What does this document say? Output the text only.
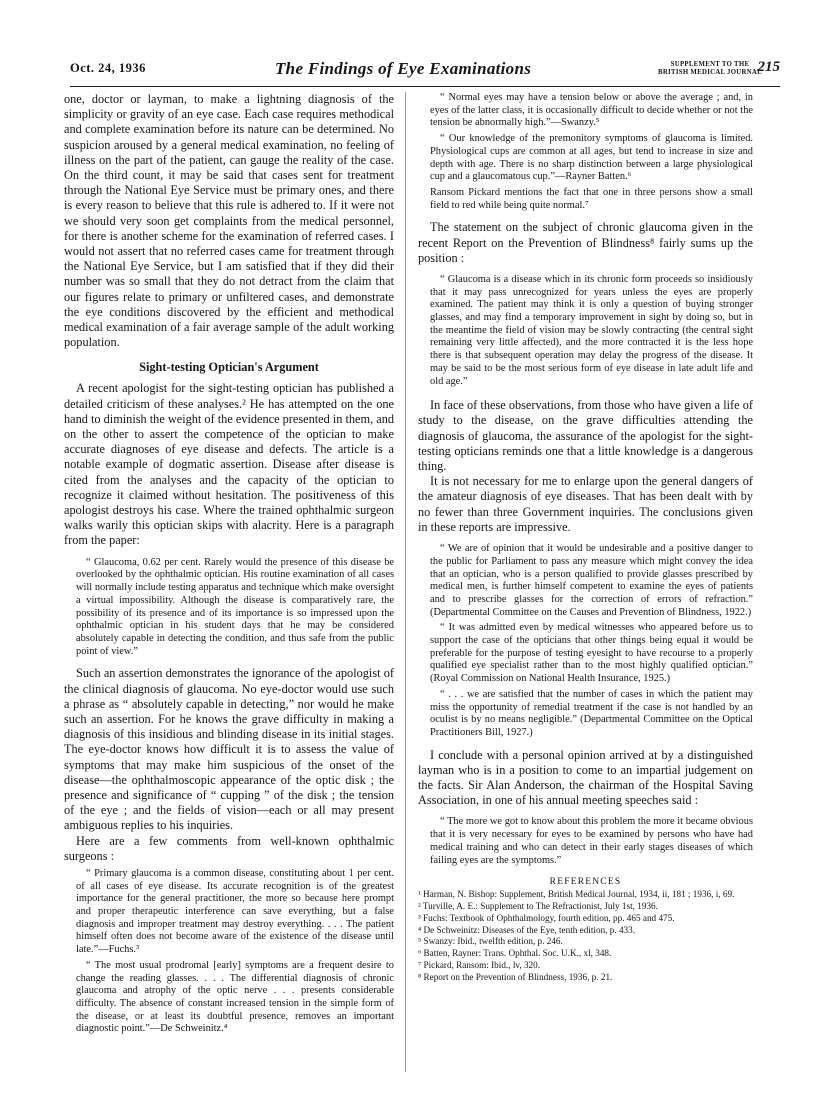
Oct. 24, 1936	The Findings of Eye Examinations	SUPPLEMENT TO THE
BRITISH MEDICAL JOURNAL
215

one, doctor or layman, to make a lightning diagnosis of the simplicity or gravity of an eye case. Each case requires methodical and complete examination before its nature can be determined. No suspicion aroused by a general medical examination, no feeling of illness on the part of the patient, can gauge the reality of the case. On the third count, it may be said that cases sent for treatment through the National Eye Service must be primary ones, and there is every reason to believe that this rule is adhered to. If it were not we should very soon get complaints from the medical personnel, for there is another scheme for the examination of referred cases. I would not assert that no referred cases came for treatment through the National Eye Service, but I am satisfied that if they did their number was so small that they do not detract from the claim that our figures relate to primary or unfiltered cases, and demonstrate the eye conditions discovered by the efficient and methodical medical examination of a fair average sample of the adult working population.

Sight-testing Optician's Argument

A recent apologist for the sight-testing optician has published a detailed criticism of these analyses.² He has attempted on the one hand to diminish the weight of the evidence presented in them, and on the other to assert the competence of the optician to make accurate diagnoses of eye disease and defects. The article is a notable example of dogmatic assertion. Disease after disease is cited from the analyses and the capacity of the optician to recognize it claimed without hesitation. The positiveness of this apologist destroys his case. Where the trained ophthalmic surgeon walks warily this optician skips with alacrity. Here is a paragraph from the paper:

“ Glaucoma, 0.62 per cent. Rarely would the presence of this disease be overlooked by the ophthalmic optician. His routine examination of all cases will normally include testing apparatus and technique which make oversight a virtual impossibility. Although the disease is comparatively rare, the possibility of its presence and of its importance is so impressed upon the ophthalmic optician in his student days that he may be considered absolutely capable in detecting the condition, and thus safe from the public point of view.”

Such an assertion demonstrates the ignorance of the apologist of the clinical diagnosis of glaucoma. No eye-doctor would use such a phrase as “ absolutely capable in detecting,” nor would he make such an assertion. For he knows the grave difficulty in making a diagnosis of this insidious and blinding disease in its initial stages. The eye-doctor knows how difficult it is to assess the value of symptoms that may make him suspicious of the onset of the disease—the ophthalmoscopic appearance of the optic disk ; the presence and significance of “ cupping ” of the disk ; the tension of the eye ; and the fields of vision—each or all may present ambiguous replies to his inquiries.

Here are a few comments from well-known ophthalmic surgeons :

“ Primary glaucoma is a common disease, constituting about 1 per cent. of all cases of eye disease. Its accurate recognition is of the greatest importance for the general practitioner, the more so because here prompt and proper therapeutic interference can save everything, but a false diagnosis and improper treatment may destroy everything. . . . The patient himself often does not become aware of the existence of the disease until late.”—Fuchs.³

“ The most usual prodromal [early] symptoms are a frequent desire to change the reading glasses. . . . The differential diagnosis of chronic glaucoma and atrophy of the optic nerve . . . presents considerable difficulty. The absence of constant increased tension in the simple form of the disease, or at least its doubtful presence, removes an important diagnostic point.”—De Schweinitz.⁴

“ Normal eyes may have a tension below or above the average ; and, in eyes of the latter class, it is occasionally difficult to decide whether or not the tension be abnormally high.”—Swanzy.⁵

“ Our knowledge of the premonitory symptoms of glaucoma is limited. Physiological cups are common at all ages, but tend to increase in size and depth with age. There is no sharp distinction between a large physiological cup and a glaucomatous cup.”—Rayner Batten.⁶

Ransom Pickard mentions the fact that one in three persons show a small field to red while being quite normal.⁷

The statement on the subject of chronic glaucoma given in the recent Report on the Prevention of Blindness⁸ fairly sums up the position :

“ Glaucoma is a disease which in its chronic form proceeds so insidiously that it may pass unrecognized for years unless the eyes are properly examined. The patient may think it is only a question of buying stronger glasses, and may find a temporary improvement in sight by doing so, but in the meantime the field of vision may be slowly contracting (the central sight remaining very little affected), and the more contracted it is the less hope there is that subsequent operation may delay the progress of the disease. It may be said to be the most serious form of eye disease in late adult life and old age.”

In face of these observations, from those who have given a life of study to the disease, on the grave difficulties attending the diagnosis of glaucoma, the assurance of the apologist for the sight-testing opticians reminds one that a little knowledge is a dangerous thing.

It is not necessary for me to enlarge upon the general dangers of the amateur diagnosis of eye diseases. That has been dealt with by no fewer than three Government inquiries. The conclusions given in these reports are impressive.

“ We are of opinion that it would be undesirable and a positive danger to the public for Parliament to pass any measure which might convey the idea that an optician, who is a person qualified to provide glasses prescribed by medical men, is further himself competent to examine the eyes of patients and to prescribe glasses for the correction of errors of refraction.” (Departmental Committee on the Causes and Prevention of Blindness, 1922.)

“ It was admitted even by medical witnesses who appeared before us to support the case of the opticians that other things being equal it would be preferable for the purpose of testing eyesight to have recourse to a properly qualified eye specialist rather than to the most highly qualified optician.” (Royal Commission on National Health Insurance, 1925.)

“ . . . we are satisfied that the number of cases in which the patient may miss the opportunity of remedial treatment if the case is not handled by an oculist is by no means negligible.” (Departmental Committee on the Optical Practitioners Bill, 1927.)

I conclude with a personal opinion arrived at by a distinguished layman who is in a position to come to an impartial judgement on the facts. Sir Alan Anderson, the chairman of the Hospital Saving Association, in one of his annual meeting speeches said :

“ The more we got to know about this problem the more it became obvious that it is very necessary for eyes to be examined by persons who have had medical training and who can detect in their early stages diseases of which failing eyes are the symptoms.”

REFERENCES

¹ Harman, N. Bishop: Supplement, British Medical Journal, 1934, ii, 181 ; 1936, i, 69.

² Turville, A. E.: Supplement to The Refractionist, July 1st, 1936.

³ Fuchs: Textbook of Ophthalmology, fourth edition, pp. 465 and 475.

⁴ De Schweinitz: Diseases of the Eye, tenth edition, p. 433.

⁵ Swanzy: Ibid., twelfth edition, p. 246.

⁶ Batten, Rayner: Trans. Ophthal. Soc. U.K., xl, 348.

⁷ Pickard, Ransom: Ibid., lv, 320.

⁸ Report on the Prevention of Blindness, 1936, p. 21.
